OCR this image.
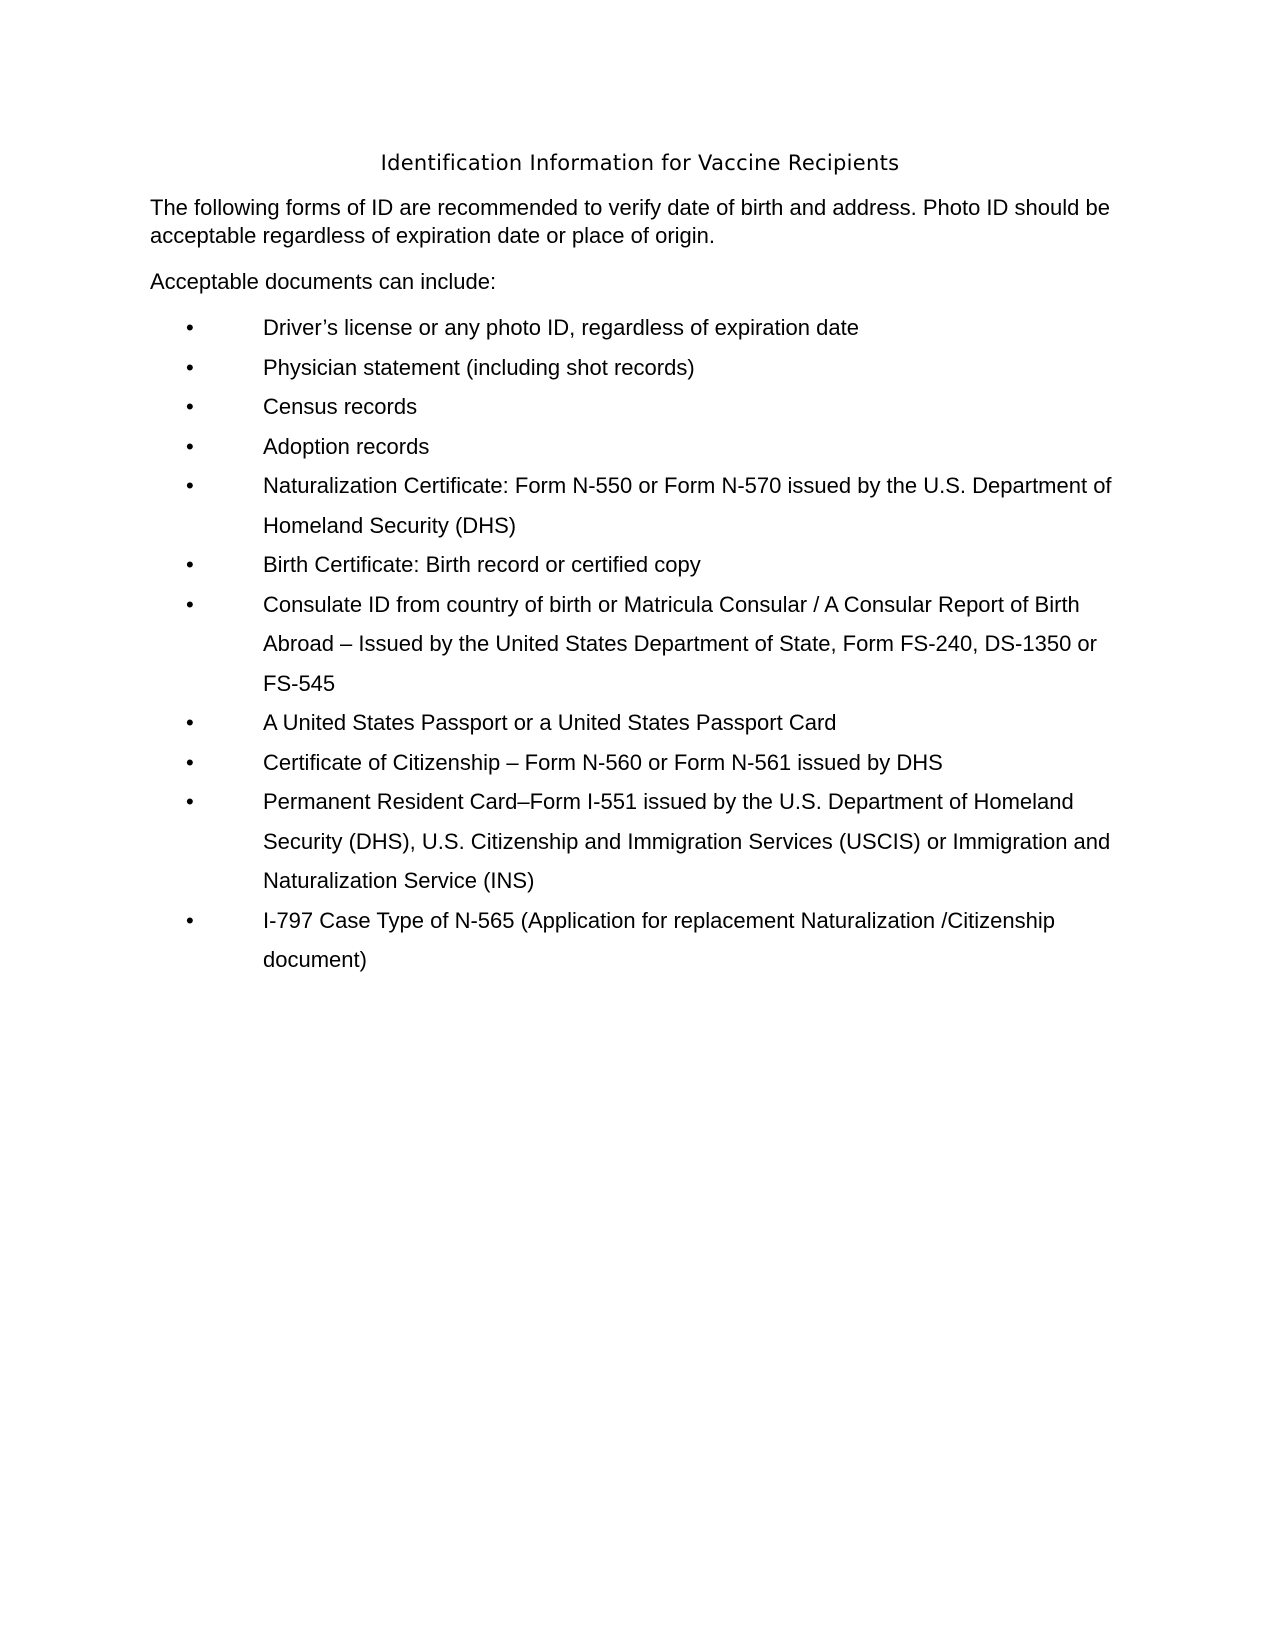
Identification Information for Vaccine Recipients

The following forms of ID are recommended to verify date of birth and address. Photo ID should be acceptable regardless of expiration date or place of origin.

Acceptable documents can include:

•	Driver’s license or any photo ID, regardless of expiration date
•	Physician statement (including shot records)
•	Census records
•	Adoption records
•	Naturalization Certificate: Form N-550 or Form N-570 issued by the U.S. Department of Homeland Security (DHS)
•	Birth Certificate: Birth record or certified copy
•	Consulate ID from country of birth or Matricula Consular / A Consular Report of Birth Abroad – Issued by the United States Department of State, Form FS-240, DS-1350 or FS-545
•	A United States Passport or a United States Passport Card
•	Certificate of Citizenship – Form N-560 or Form N-561 issued by DHS
•	Permanent Resident Card–Form I-551 issued by the U.S. Department of Homeland Security (DHS), U.S. Citizenship and Immigration Services (USCIS) or Immigration and Naturalization Service (INS)
•	I-797 Case Type of N-565 (Application for replacement Naturalization /Citizenship document)
